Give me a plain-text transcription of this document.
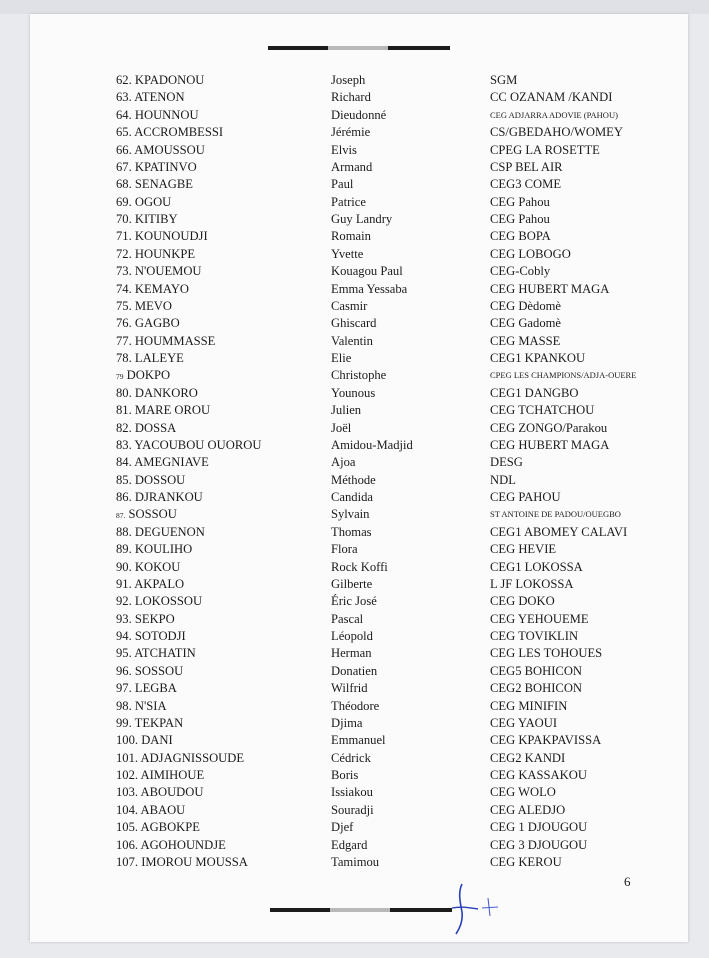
62. KPADONOU	Joseph	SGM
63. ATENON	Richard	CC OZANAM /KANDI
64. HOUNNOU	Dieudonné	CEG ADJARRA ADOVIE (PAHOU)
65. ACCROMBESSI	Jérémie	CS/GBEDAHO/WOMEY
66. AMOUSSOU	Elvis	CPEG LA ROSETTE
67. KPATINVO	Armand	CSP BEL AIR
68. SENAGBE	Paul	CEG3 COME
69. OGOU	Patrice	CEG Pahou
70. KITIBY	Guy Landry	CEG Pahou
71. KOUNOUDJI	Romain	CEG BOPA
72. HOUNKPE	Yvette	CEG LOBOGO
73. N'OUEMOU	Kouagou Paul	CEG-Cobly
74. KEMAYO	Emma Yessaba	CEG HUBERT MAGA
75. MEVO	Casmir	CEG Dèdomè
76. GAGBO	Ghiscard	CEG Gadomè
77. HOUMMASSE	Valentin	CEG MASSE
78. LALEYE	Elie	CEG1 KPANKOU
79 DOKPO	Christophe	CPEG LES CHAMPIONS/ADJA-OUERE
80. DANKORO	Younous	CEG1 DANGBO
81. MARE OROU	Julien	CEG TCHATCHOU
82. DOSSA	Joël	CEG ZONGO/Parakou
83. YACOUBOU OUOROU	Amidou-Madjid	CEG HUBERT MAGA
84. AMEGNIAVE	Ajoa	DESG
85. DOSSOU	Méthode	NDL
86. DJRANKOU	Candida	CEG PAHOU
87. SOSSOU	Sylvain	ST ANTOINE DE PADOU/OUEGBO
88. DEGUENON	Thomas	CEG1 ABOMEY CALAVI
89. KOULIHO	Flora	CEG HEVIE
90. KOKOU	Rock Koffi	CEG1 LOKOSSA
91. AKPALO	Gilberte	L JF LOKOSSA
92. LOKOSSOU	Éric José	CEG DOKO
93. SEKPO	Pascal	CEG YEHOUEME
94. SOTODJI	Léopold	CEG TOVIKLIN
95. ATCHATIN	Herman	CEG LES TOHOUES
96. SOSSOU	Donatien	CEG5 BOHICON
97. LEGBA	Wilfrid	CEG2 BOHICON
98. N'SIA	Théodore	CEG MINIFIN
99. TEKPAN	Djima	CEG YAOUI
100. DANI	Emmanuel	CEG KPAKPAVISSA
101. ADJAGNISSOUDE	Cédrick	CEG2 KANDI
102. AIMIHOUE	Boris	CEG KASSAKOU
103. ABOUDOU	Issiakou	CEG WOLO
104. ABAOU	Souradji	CEG ALEDJO
105. AGBOKPE	Djef	CEG 1 DJOUGOU
106. AGOHOUNDJE	Edgard	CEG 3 DJOUGOU
107. IMOROU MOUSSA	Tamimou	CEG KEROU
6
